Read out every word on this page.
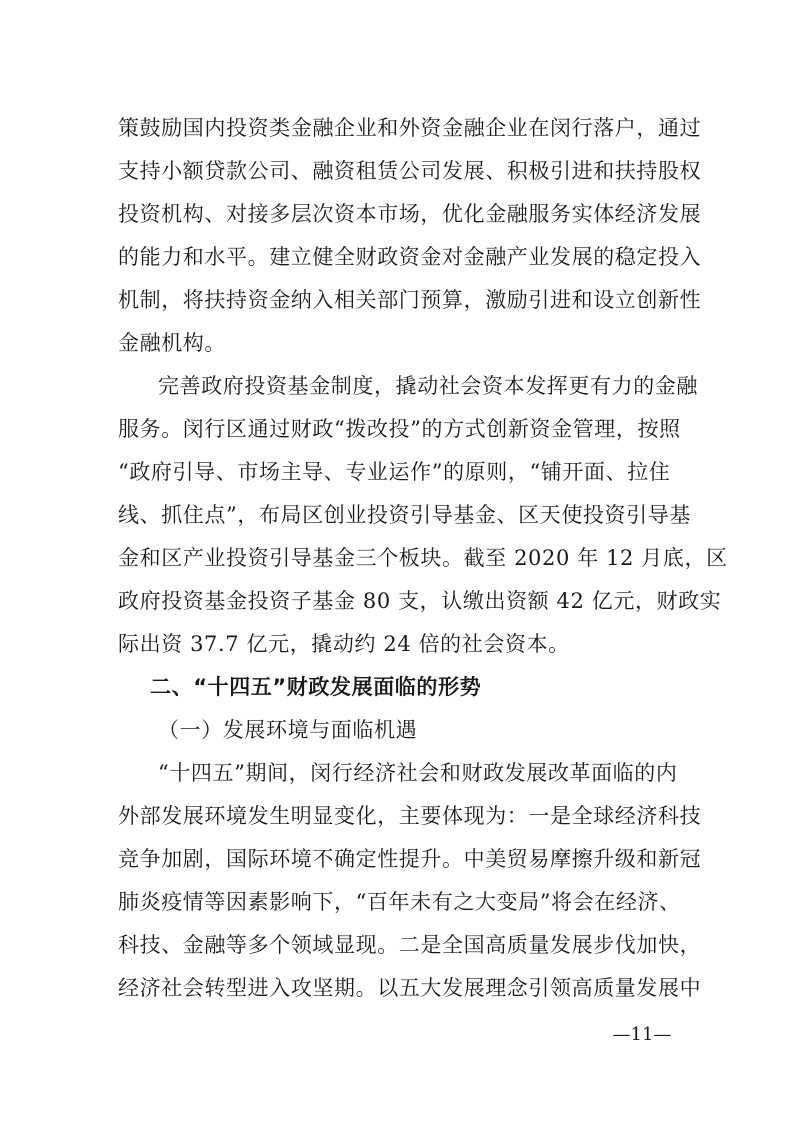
策鼓励国内投资类金融企业和外资金融企业在闵行落户，通过
支持小额贷款公司、融资租赁公司发展、积极引进和扶持股权
投资机构、对接多层次资本市场，优化金融服务实体经济发展
的能力和水平。建立健全财政资金对金融产业发展的稳定投入
机制，将扶持资金纳入相关部门预算，激励引进和设立创新性
金融机构。
完善政府投资基金制度，撬动社会资本发挥更有力的金融
服务。闵行区通过财政“拨改投”的方式创新资金管理，按照
“政府引导、市场主导、专业运作”的原则，“铺开面、拉住
线、抓住点”，布局区创业投资引导基金、区天使投资引导基
金和区产业投资引导基金三个板块。截至 2020 年 12 月底，区
政府投资基金投资子基金 80 支，认缴出资额 42 亿元，财政实
际出资 37.7 亿元，撬动约 24 倍的社会资本。
二、“十四五”财政发展面临的形势
（一）发展环境与面临机遇
“十四五”期间，闵行经济社会和财政发展改革面临的内
外部发展环境发生明显变化，主要体现为：一是全球经济科技
竞争加剧，国际环境不确定性提升。中美贸易摩擦升级和新冠
肺炎疫情等因素影响下，“百年未有之大变局”将会在经济、
科技、金融等多个领域显现。二是全国高质量发展步伐加快，
经济社会转型进入攻坚期。以五大发展理念引领高质量发展中
—11—
